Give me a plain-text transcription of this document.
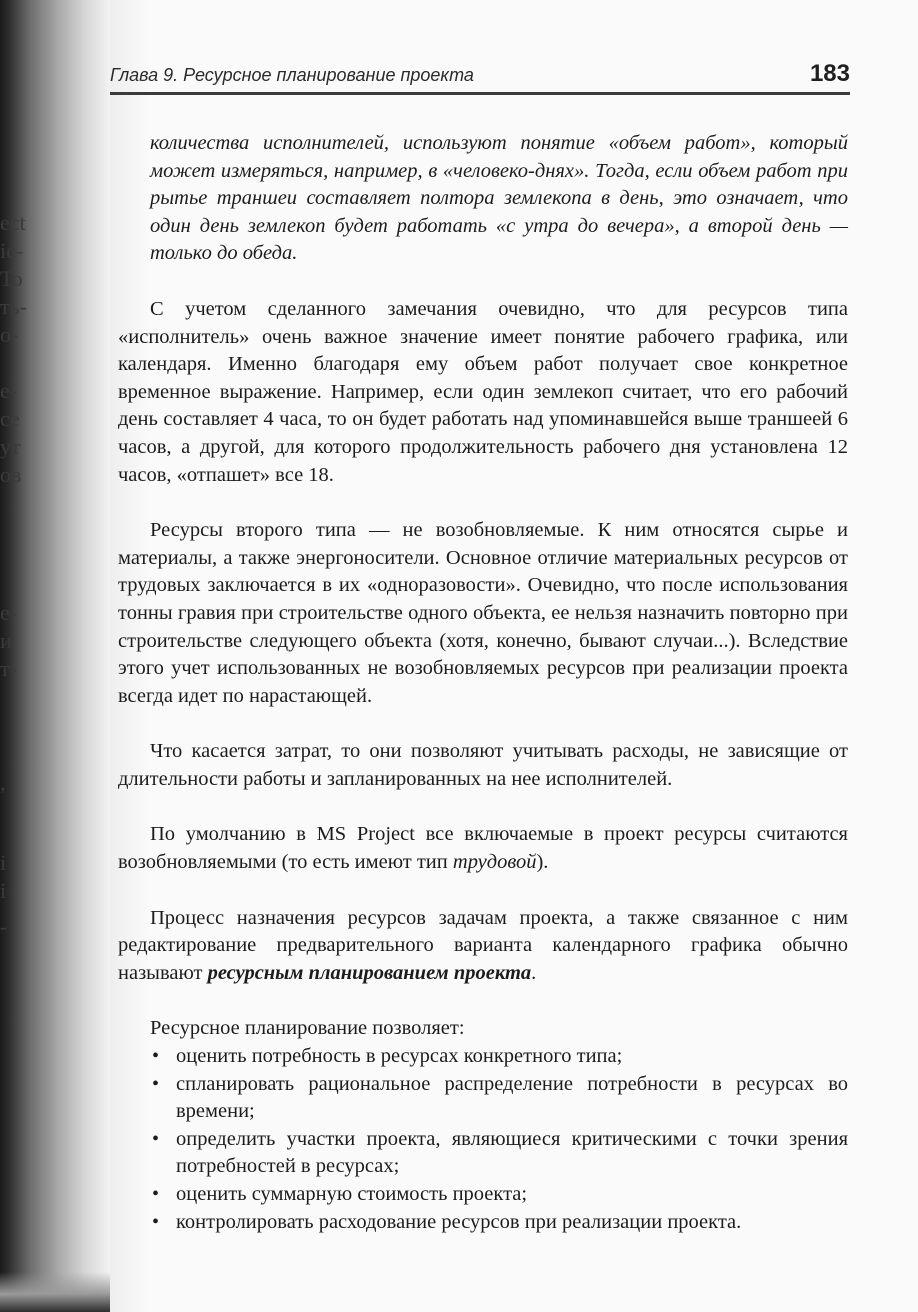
ect
ic-
То
ть-
о-
е-
се
ут
ов
е-
и
т-
,
і
і
-
Глава 9. Ресурсное планирование проекта	183

количества исполнителей, используют понятие «объем работ», который может измеряться, например, в «человеко-днях». Тогда, если объем работ при рытье траншеи составляет полтора землекопа в день, это означает, что один день землекоп будет работать «с утра до вечера», а второй день — только до обеда.

С учетом сделанного замечания очевидно, что для ресурсов типа «исполнитель» очень важное значение имеет понятие рабочего графика, или календаря. Именно благодаря ему объем работ получает свое конкретное временное выражение. Например, если один землекоп считает, что его рабочий день составляет 4 часа, то он будет работать над упоминавшейся выше траншеей 6 часов, а другой, для которого продолжительность рабочего дня установлена 12 часов, «отпашет» все 18.

Ресурсы второго типа — не возобновляемые. К ним относятся сырье и материалы, а также энергоносители. Основное отличие материальных ресурсов от трудовых заключается в их «одноразовости». Очевидно, что после использования тонны гравия при строительстве одного объекта, ее нельзя назначить повторно при строительстве следующего объекта (хотя, конечно, бывают случаи...). Вследствие этого учет использованных не возобновляемых ресурсов при реализации проекта всегда идет по нарастающей.

Что касается затрат, то они позволяют учитывать расходы, не зависящие от длительности работы и запланированных на нее исполнителей.

По умолчанию в MS Project все включаемые в проект ресурсы считаются возобновляемыми (то есть имеют тип трудовой).

Процесс назначения ресурсов задачам проекта, а также связанное с ним редактирование предварительного варианта календарного графика обычно называют ресурсным планированием проекта.

Ресурсное планирование позволяет:

• оценить потребность в ресурсах конкретного типа;
• спланировать рациональное распределение потребности в ресурсах во времени;
• определить участки проекта, являющиеся критическими с точки зрения потребностей в ресурсах;
• оценить суммарную стоимость проекта;
• контролировать расходование ресурсов при реализации проекта.
